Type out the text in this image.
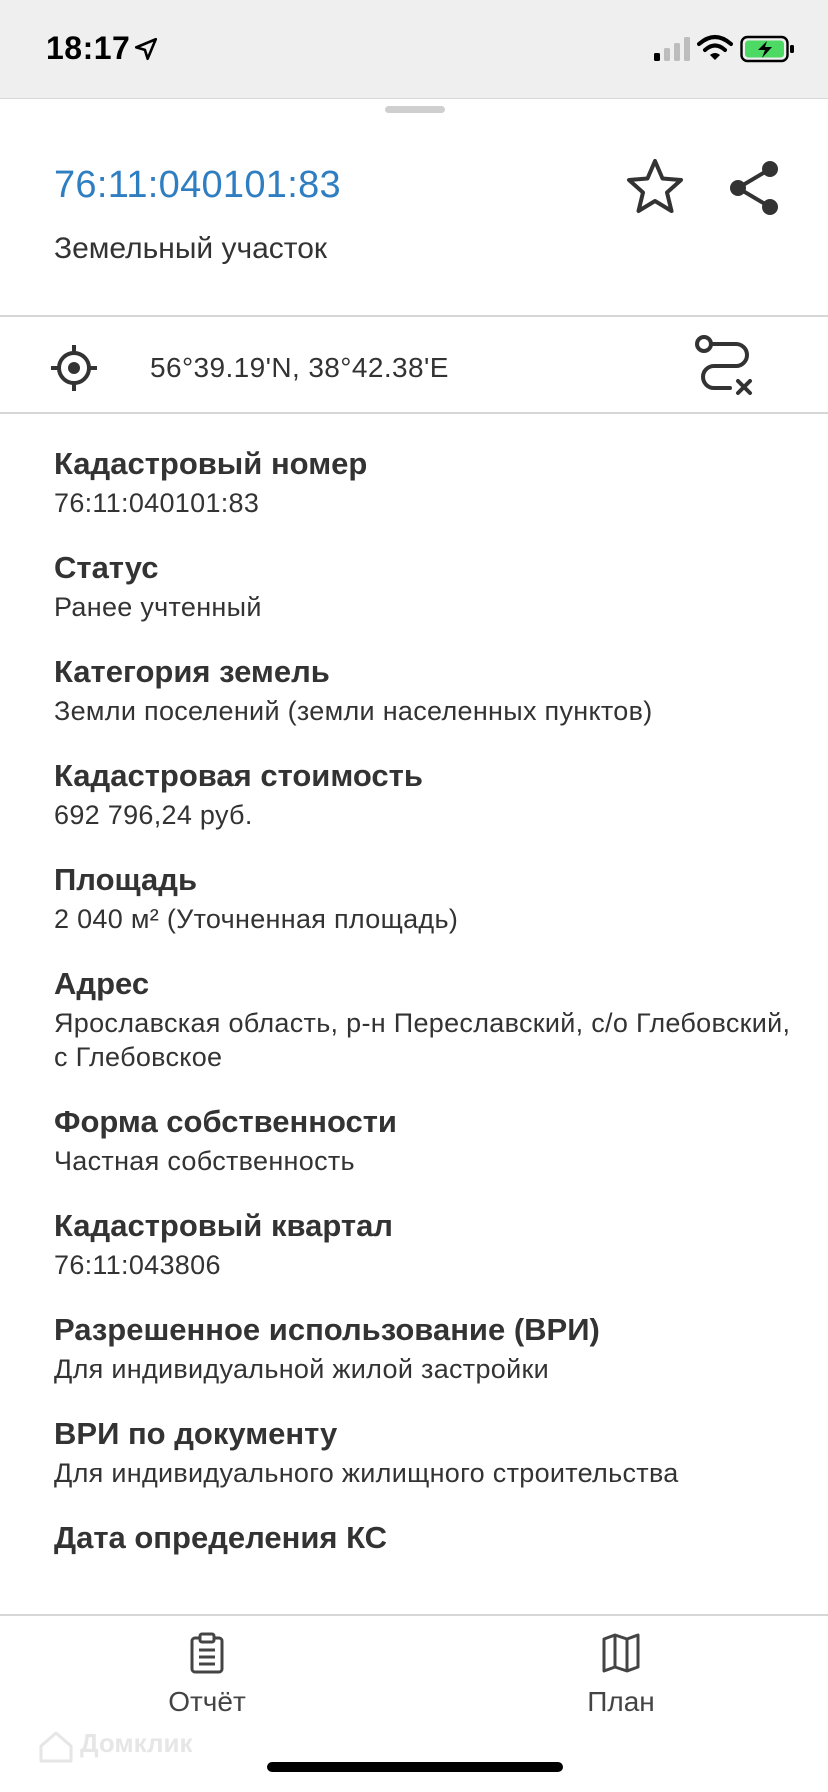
18:17
76:11:040101:83
Земельный участок
56°39.19'N, 38°42.38'E
Кадастровый номер
76:11:040101:83
Статус
Ранее учтенный
Категория земель
Земли поселений (земли населенных пунктов)
Кадастровая стоимость
692 796,24 руб.
Площадь
2 040 м² (Уточненная площадь)
Адрес
Ярославская область, р-н Переславский, с/о Глебовский, с Глебовское
Форма собственности
Частная собственность
Кадастровый квартал
76:11:043806
Разрешенное использование (ВРИ)
Для индивидуальной жилой застройки
ВРИ по документу
Для индивидуального жилищного строительства
Дата определения КС
Отчёт	План
Домклик
